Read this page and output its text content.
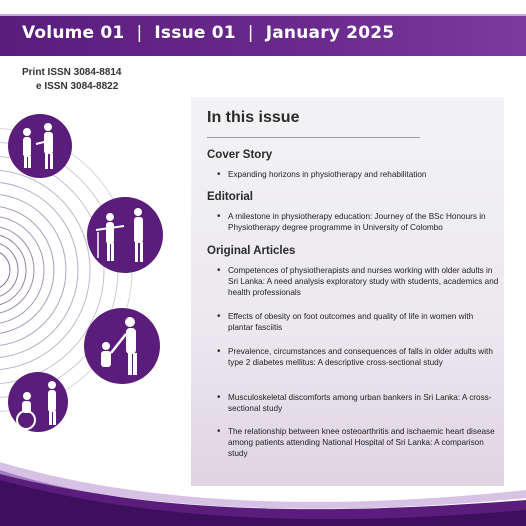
Volume 01 | Issue 01 | January 2025
Print ISSN 3084-8814
e ISSN 3084-8822
In this issue
Cover Story
• Expanding horizons in physiotherapy and rehabilitation
Editorial
• A milestone in physiotherapy education: Journey of the BSc Honours in Physiotherapy degree programme in University of Colombo
Original Articles
• Competences of physiotherapists and nurses working with older adults in Sri Lanka: A need analysis exploratory study with students, academics and health professionals
• Effects of obesity on foot outcomes and quality of life in women with plantar fasciitis
• Prevalence, circumstances and consequences of falls in older adults with type 2 diabetes mellitus: A descriptive cross-sectional study
• Musculoskeletal discomforts among urban bankers in Sri Lanka: A cross-sectional study
• The relationship between knee osteoarthritis and ischaemic heart disease among patients attending National Hospital of Sri Lanka: A comparison study
